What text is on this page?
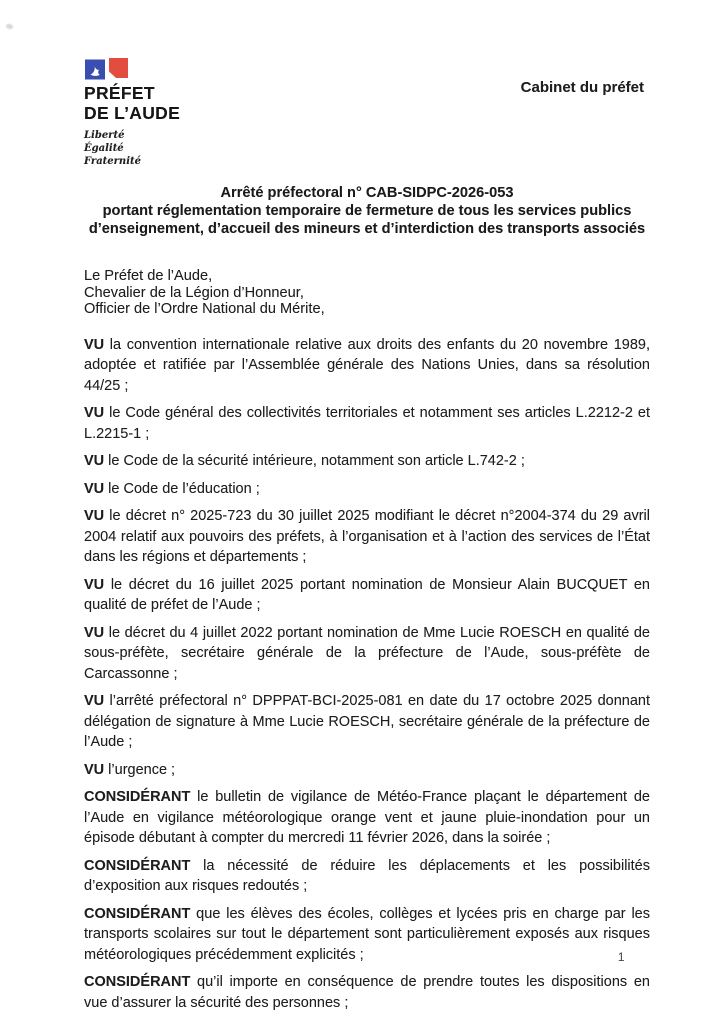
PRÉFET
DE L’AUDE
Liberté
Égalité
Fraternité
Cabinet du préfet
Arrêté préfectoral n° CAB-SIDPC-2026-053
portant réglementation temporaire de fermeture de tous les services publics
d’enseignement, d’accueil des mineurs et d’interdiction des transports associés
Le Préfet de l’Aude,
Chevalier de la Légion d’Honneur,
Officier de l’Ordre National du Mérite,

VU la convention internationale relative aux droits des enfants du 20 novembre 1989, adoptée et ratifiée par l’Assemblée générale des Nations Unies, dans sa résolution 44/25 ;

VU le Code général des collectivités territoriales et notamment ses articles L.2212-2 et L.2215-1 ;

VU le Code de la sécurité intérieure, notamment son article L.742-2 ;

VU le Code de l’éducation ;

VU le décret n° 2025-723 du 30 juillet 2025 modifiant le décret n°2004-374 du 29 avril 2004 relatif aux pouvoirs des préfets, à l’organisation et à l’action des services de l’État dans les régions et départements ;

VU le décret du 16 juillet 2025 portant nomination de Monsieur Alain BUCQUET en qualité de préfet de l’Aude ;

VU le décret du 4 juillet 2022 portant nomination de Mme Lucie ROESCH en qualité de sous-préfète, secrétaire générale de la préfecture de l’Aude, sous-préfète de Carcassonne ;

VU l’arrêté préfectoral n° DPPPAT-BCI-2025-081 en date du 17 octobre 2025 donnant délégation de signature à Mme Lucie ROESCH, secrétaire générale de la préfecture de l’Aude ;

VU l’urgence ;

CONSIDÉRANT le bulletin de vigilance de Météo-France plaçant le département de l’Aude en vigilance météorologique orange vent et jaune pluie-inondation pour un épisode débutant à compter du mercredi 11 février 2026, dans la soirée ;

CONSIDÉRANT la nécessité de réduire les déplacements et les possibilités d’exposition aux risques redoutés ;

CONSIDÉRANT que les élèves des écoles, collèges et lycées pris en charge par les transports scolaires sur tout le département sont particulièrement exposés aux risques météorologiques précédemment explicités ;

CONSIDÉRANT qu’il importe en conséquence de prendre toutes les dispositions en vue d’assurer la sécurité des personnes ;

1
